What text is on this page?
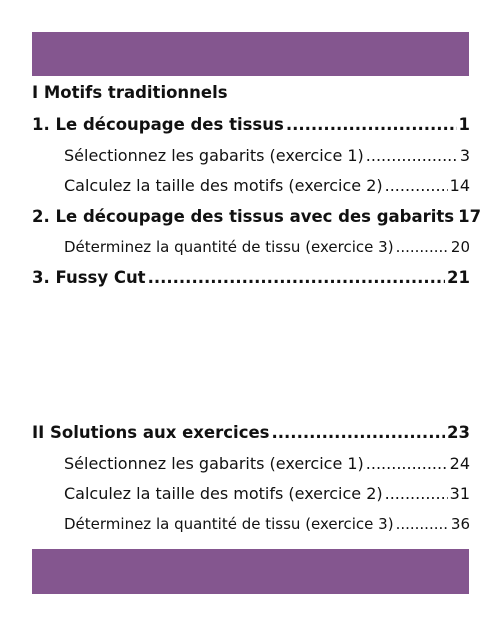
I Motifs traditionnels
1. Le découpage des tissus .....	1
Sélectionnez les gabarits (exercice 1) .....	3
Calculez la taille des motifs (exercice 2) .....	14
2. Le découpage des tissus avec des gabarits 17
Déterminez la quantité de tissu (exercice 3) .....	20
3. Fussy Cut .....	21
II Solutions aux exercices .....	23
Sélectionnez les gabarits (exercice 1) .....	24
Calculez la taille des motifs (exercice 2) .....	31
Déterminez la quantité de tissu (exercice 3) .....	36
